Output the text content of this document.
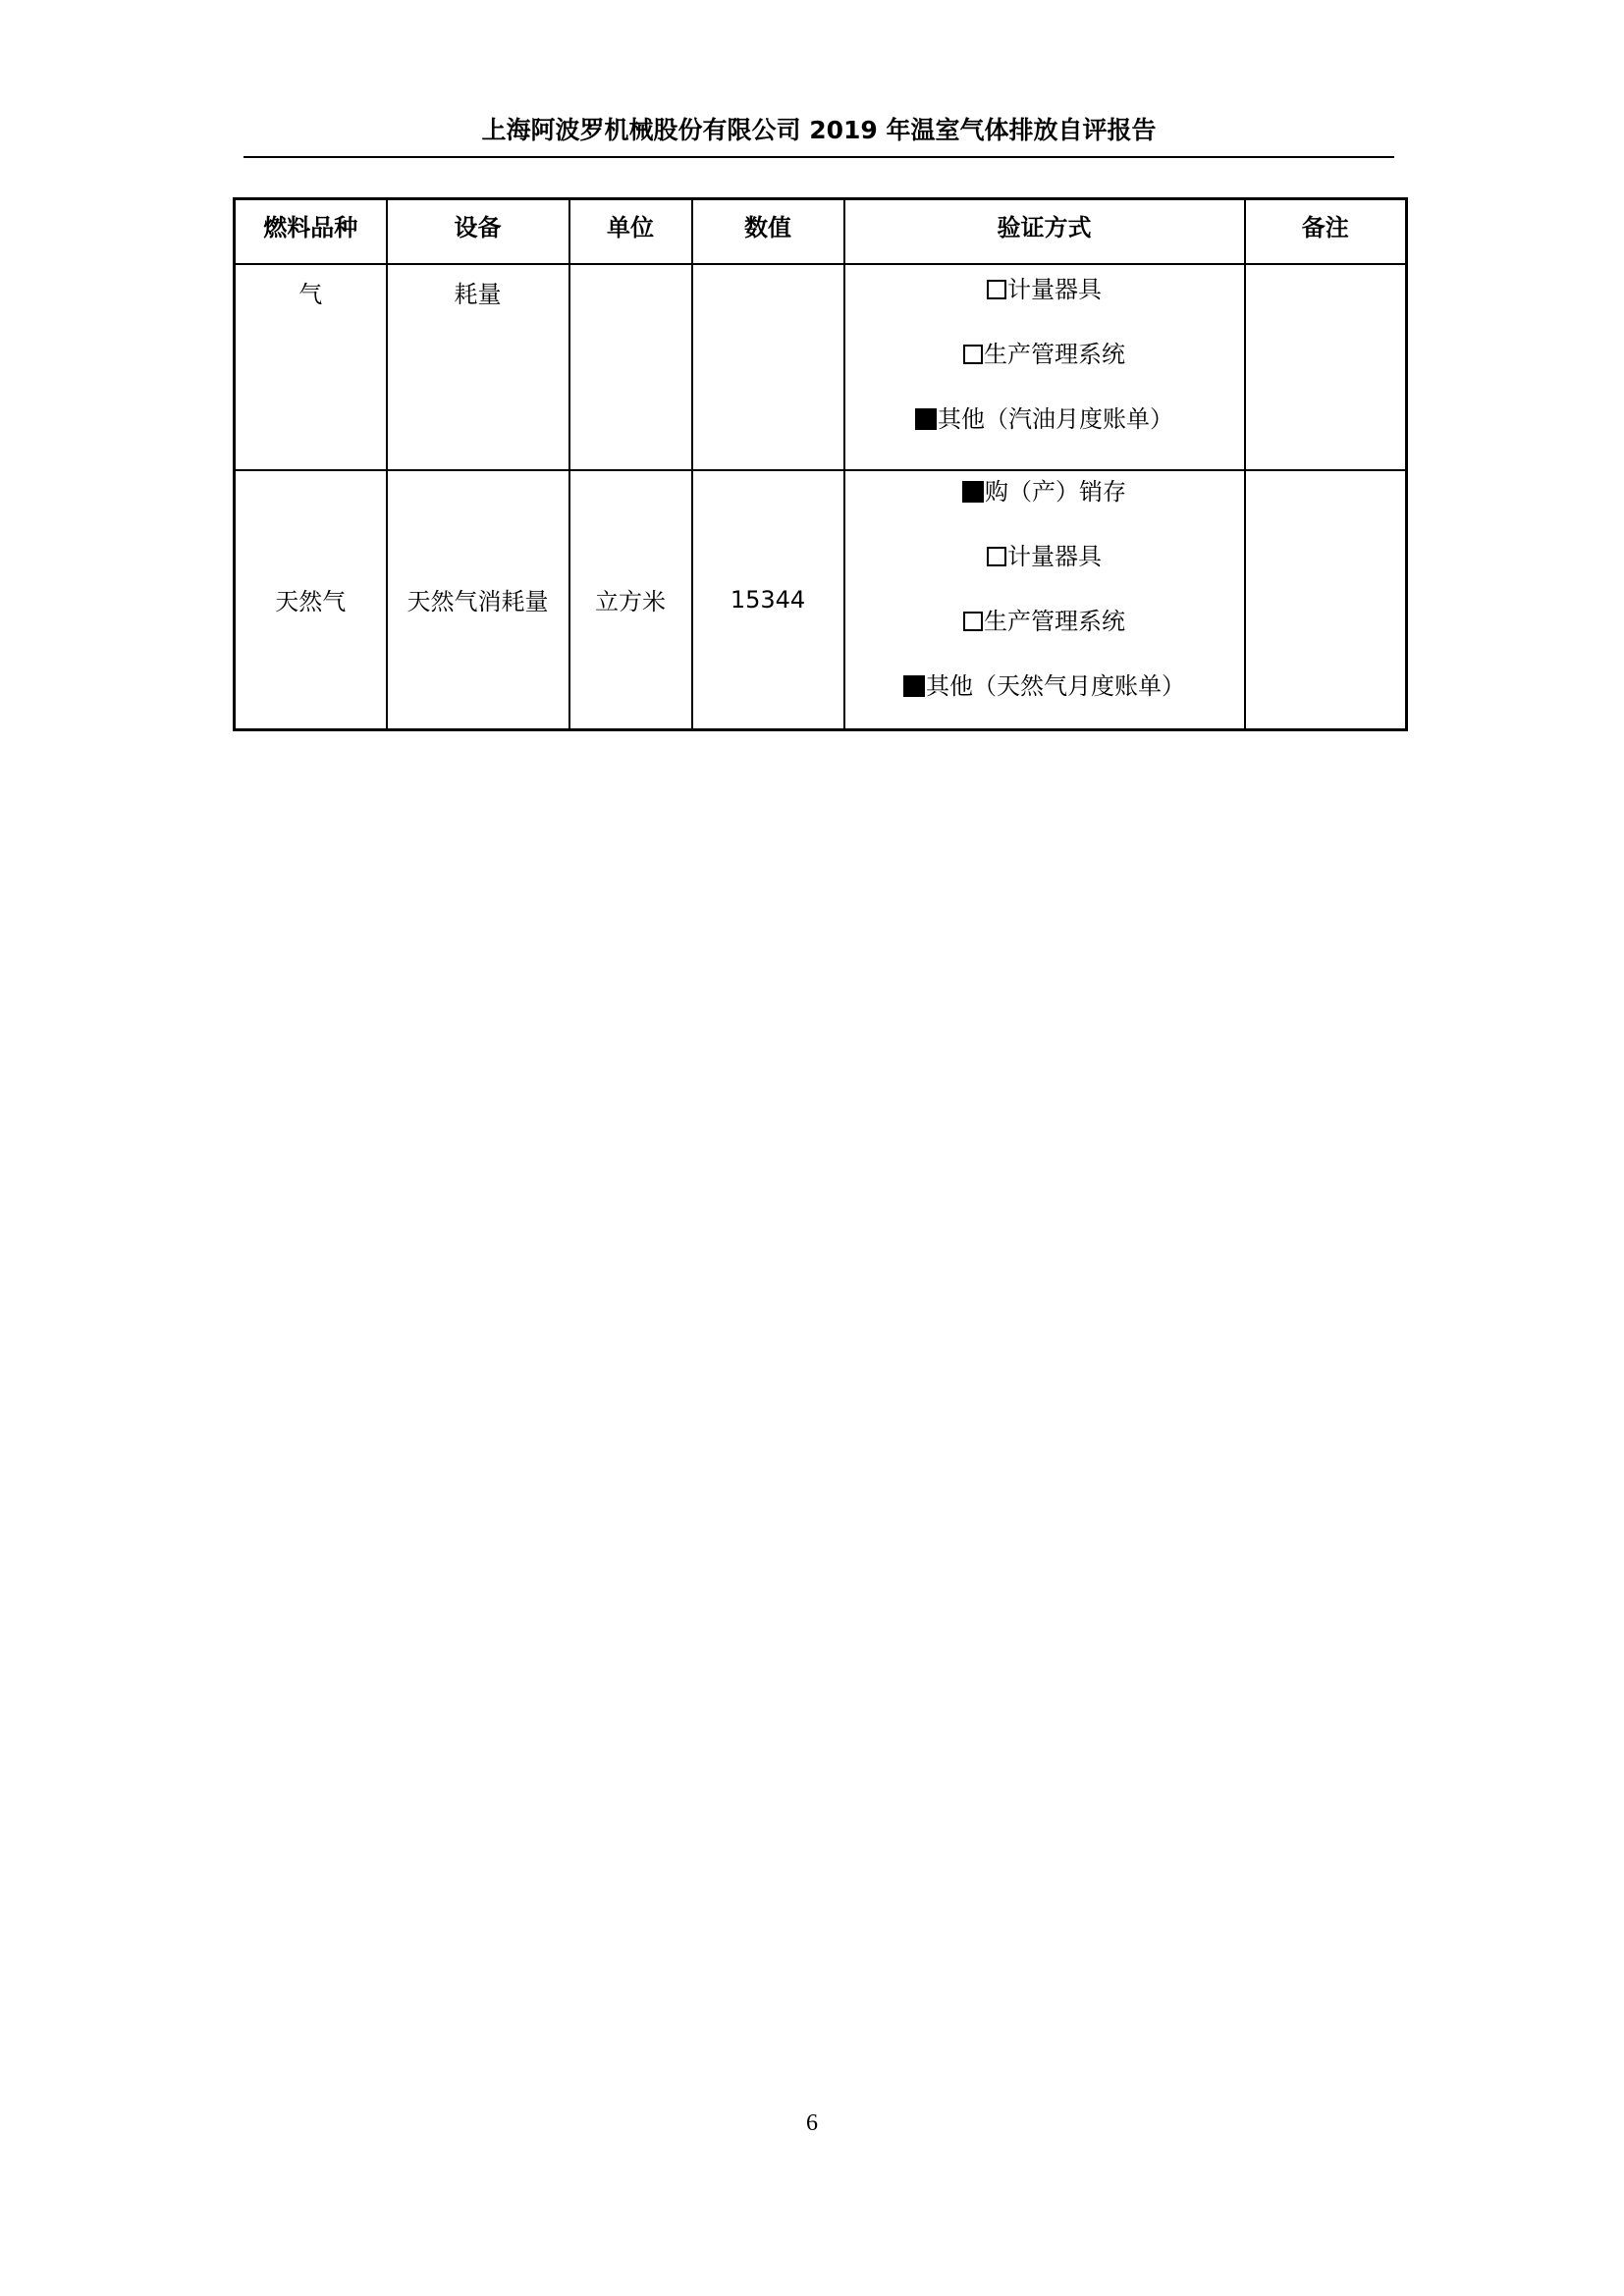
上海阿波罗机械股份有限公司 2019 年温室气体排放自评报告
燃料品种	设备	单位	数值	验证方式	备注
气	耗量			计量器具
生产管理系统
其他（汽油月度账单）	

天然气	天然气消耗量	立方米	15344	购（产）销存
计量器具
生产管理系统
其他（天然气月度账单）	

6
